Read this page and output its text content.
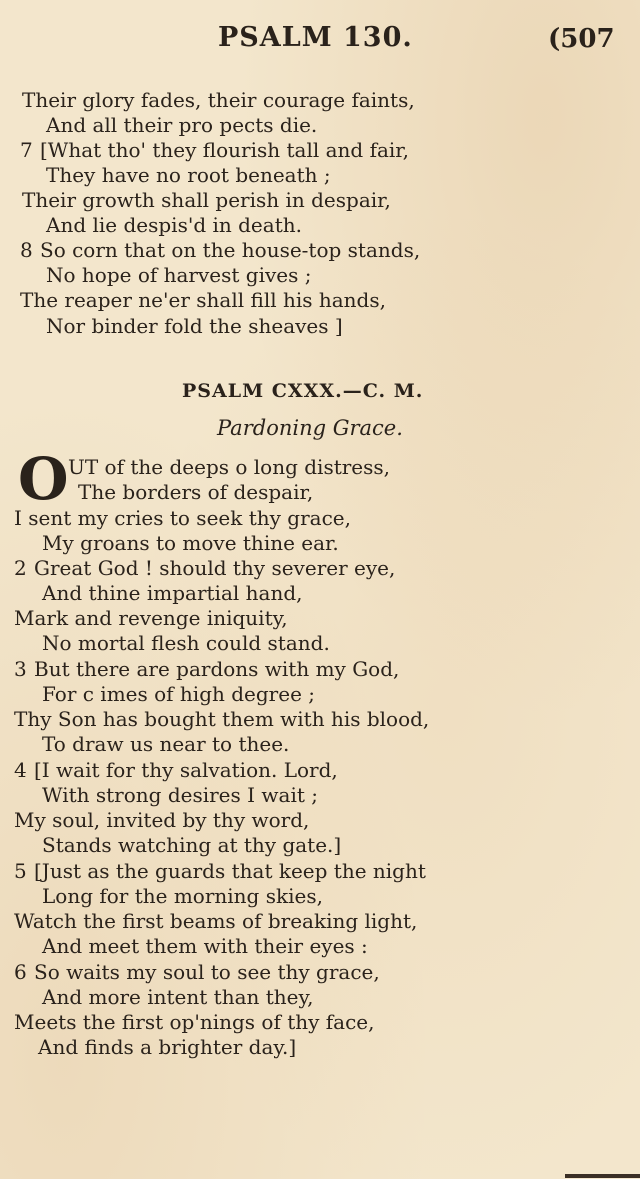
PSALM 130.	(507
Their glory fades, their courage faints,
And all their pro pects die.
7 [What tho' they flourish tall and fair,
They have no root beneath ;
Their growth shall perish in despair,
And lie despis'd in death.
8 So corn that on the house-top stands,
No hope of harvest gives ;
The reaper ne'er shall fill his hands,
Nor binder fold the sheaves ]
PSALM CXXX.—C. M.
Pardoning Grace.
O UT of the deeps o long distress,
The borders of despair,
I sent my cries to seek thy grace,
My groans to move thine ear.
2 Great God ! should thy severer eye,
And thine impartial hand,
Mark and revenge iniquity,
No mortal flesh could stand.
3 But there are pardons with my God,
For c imes of high degree ;
Thy Son has bought them with his blood,
To draw us near to thee.
4 [I wait for thy salvation. Lord,
With strong desires I wait ;
My soul, invited by thy word,
Stands watching at thy gate.]
5 [Just as the guards that keep the night
Long for the morning skies,
Watch the first beams of breaking light,
And meet them with their eyes :
6 So waits my soul to see thy grace,
And more intent than they,
Meets the first op'nings of thy face,
And finds a brighter day.]
